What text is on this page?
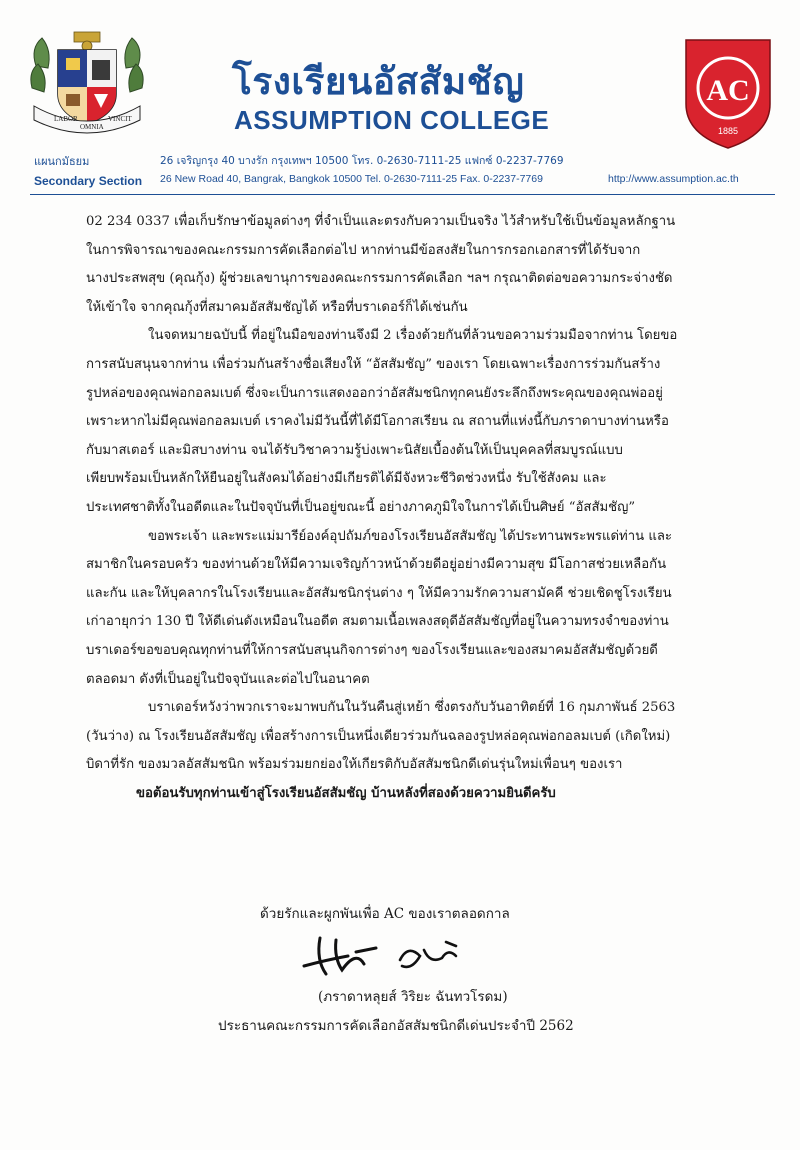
LABOR
OMNIA
VINCIT
โรงเรียนอัสสัมชัญ
ASSUMPTION COLLEGE
AC
1885
แผนกมัธยม
Secondary Section
26 เจริญกรุง 40 บางรัก กรุงเทพฯ 10500 โทร. 0-2630-7111-25 แฟกซ์ 0-2237-7769
26 New Road 40, Bangrak, Bangkok 10500 Tel. 0-2630-7111-25 Fax. 0-2237-7769	http://www.assumption.ac.th
02 234 0337 เพื่อเก็บรักษาข้อมูลต่างๆ ที่จำเป็นและตรงกับความเป็นจริง ไว้สำหรับใช้เป็นข้อมูลหลักฐาน
ในการพิจารณาของคณะกรรมการคัดเลือกต่อไป หากท่านมีข้อสงสัยในการกรอกเอกสารที่ได้รับจาก
นางประสพสุข (คุณกุ้ง) ผู้ช่วยเลขานุการของคณะกรรมการคัดเลือก ฯลฯ กรุณาติดต่อขอความกระจ่างชัด
ให้เข้าใจ จากคุณกุ้งที่สมาคมอัสสัมชัญได้ หรือที่บราเดอร์ก็ได้เช่นกัน
ในจดหมายฉบับนี้ ที่อยู่ในมือของท่านจึงมี 2 เรื่องด้วยกันที่ล้วนขอความร่วมมือจากท่าน โดยขอ
การสนับสนุนจากท่าน เพื่อร่วมกันสร้างชื่อเสียงให้ “อัสสัมชัญ” ของเรา โดยเฉพาะเรื่องการร่วมกันสร้าง
รูปหล่อของคุณพ่อกอลมเบต์ ซึ่งจะเป็นการแสดงออกว่าอัสสัมชนิกทุกคนยังระลึกถึงพระคุณของคุณพ่ออยู่
เพราะหากไม่มีคุณพ่อกอลมเบต์ เราคงไม่มีวันนี้ที่ได้มีโอกาสเรียน ณ สถานที่แห่งนี้กับภราดาบางท่านหรือ
กับมาสเตอร์ และมิสบางท่าน จนได้รับวิชาความรู้บ่งเพาะนิสัยเบื้องต้นให้เป็นบุคคลที่สมบูรณ์แบบ
เพียบพร้อมเป็นหลักให้ยืนอยู่ในสังคมได้อย่างมีเกียรติได้มีจังหวะชีวิตช่วงหนึ่ง รับใช้สังคม และ
ประเทศชาติทั้งในอดีตและในปัจจุบันที่เป็นอยู่ขณะนี้ อย่างภาคภูมิใจในการได้เป็นศิษย์ “อัสสัมชัญ”
ขอพระเจ้า และพระแม่มารีย์องค์อุปถัมภ์ของโรงเรียนอัสสัมชัญ ได้ประทานพระพรแด่ท่าน และ
สมาชิกในครอบครัว ของท่านด้วยให้มีความเจริญก้าวหน้าด้วยดีอยู่อย่างมีความสุข มีโอกาสช่วยเหลือกัน
และกัน และให้บุคลากรในโรงเรียนและอัสสัมชนิกรุ่นต่าง ๆ ให้มีความรักความสามัคคี ช่วยเชิดชูโรงเรียน
เก่าอายุกว่า 130 ปี ให้ดีเด่นดังเหมือนในอดีต สมตามเนื้อเพลงสดุดีอัสสัมชัญที่อยู่ในความทรงจำของท่าน
บราเดอร์ขอขอบคุณทุกท่านที่ให้การสนับสนุนกิจการต่างๆ ของโรงเรียนและของสมาคมอัสสัมชัญด้วยดี
ตลอดมา ดังที่เป็นอยู่ในปัจจุบันและต่อไปในอนาคต
บราเดอร์หวังว่าพวกเราจะมาพบกันในวันคืนสู่เหย้า ซึ่งตรงกับวันอาทิตย์ที่ 16 กุมภาพันธ์ 2563
(วันว่าง) ณ โรงเรียนอัสสัมชัญ เพื่อสร้างการเป็นหนึ่งเดียวร่วมกันฉลองรูปหล่อคุณพ่อกอลมเบต์ (เกิดใหม่)
บิดาที่รัก ของมวลอัสสัมชนิก พร้อมร่วมยกย่องให้เกียรติกับอัสสัมชนิกดีเด่นรุ่นใหม่เพื่อนๆ ของเรา
ขอต้อนรับทุกท่านเข้าสู่โรงเรียนอัสสัมชัญ บ้านหลังที่สองด้วยความยินดีครับ
ด้วยรักและผูกพันเพื่อ AC ของเราตลอดกาล
(ภราดาหลุยส์ วิริยะ ฉันทวโรดม)
ประธานคณะกรรมการคัดเลือกอัสสัมชนิกดีเด่นประจำปี 2562
